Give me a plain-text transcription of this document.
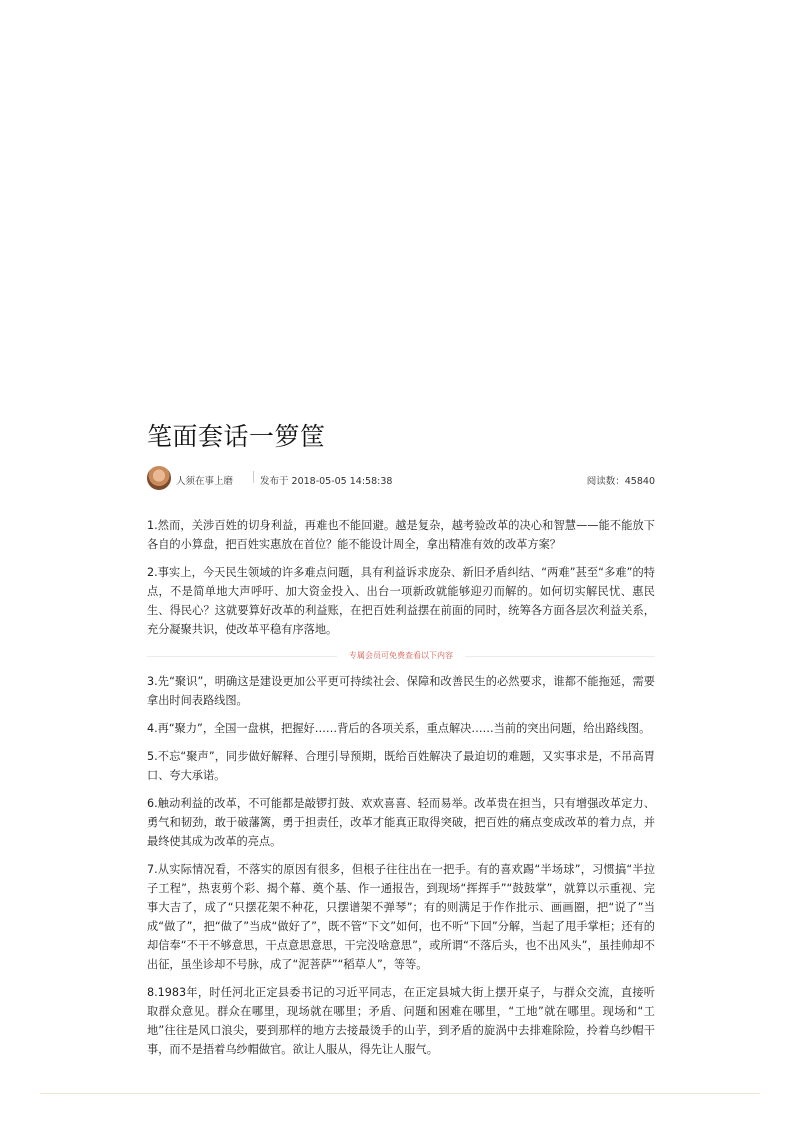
笔面套话一箩筐
人须在事上磨	发布于 2018-05-05 14:58:38	阅读数：45840

1.然而，关涉百姓的切身利益，再难也不能回避。越是复杂，越考验改革的决心和智慧——能不能放下各自的小算盘，把百姓实惠放在首位？能不能设计周全，拿出精准有效的改革方案？

2.事实上，今天民生领域的许多难点问题，具有利益诉求庞杂、新旧矛盾纠结、“两难”甚至“多难”的特点，不是简单地大声呼吁、加大资金投入、出台一项新政就能够迎刃而解的。如何切实解民忧、惠民生、得民心？这就要算好改革的利益账，在把百姓利益摆在前面的同时，统筹各方面各层次利益关系，充分凝聚共识，使改革平稳有序落地。

专属会员可免费查看以下内容

3.先“聚识”，明确这是建设更加公平更可持续社会、保障和改善民生的必然要求，谁都不能拖延，需要拿出时间表路线图。

4.再“聚力”，全国一盘棋，把握好……背后的各项关系，重点解决……当前的突出问题，给出路线图。

5.不忘“聚声”，同步做好解释、合理引导预期，既给百姓解决了最迫切的难题，又实事求是，不吊高胃口、夸大承诺。

6.触动利益的改革，不可能都是敲锣打鼓、欢欢喜喜、轻而易举。改革贵在担当，只有增强改革定力、勇气和韧劲，敢于破藩篱，勇于担责任，改革才能真正取得突破，把百姓的痛点变成改革的着力点，并最终使其成为改革的亮点。

7.从实际情况看，不落实的原因有很多，但根子往往出在一把手。有的喜欢踢“半场球”，习惯搞“半拉子工程”，热衷剪个彩、揭个幕、奠个基、作一通报告，到现场“挥挥手”“鼓鼓掌”，就算以示重视、完事大吉了，成了“只摆花架不种花，只摆谱架不弹琴”；有的则满足于作作批示、画画圈，把“说了”当成“做了”，把“做了”当成“做好了”，既不管“下文”如何，也不听“下回”分解，当起了甩手掌柜；还有的却信奉“不干不够意思，干点意思意思，干完没啥意思”，或所谓“不落后头，也不出风头”，虽挂帅却不出征，虽坐诊却不号脉，成了“泥菩萨”“稻草人”，等等。

8.1983年，时任河北正定县委书记的习近平同志，在正定县城大街上摆开桌子，与群众交流，直接听取群众意见。群众在哪里，现场就在哪里；矛盾、问题和困难在哪里，“工地”就在哪里。现场和“工地”往往是风口浪尖，要到那样的地方去接最烫手的山芋，到矛盾的旋涡中去排难除险，拎着乌纱帽干事，而不是捂着乌纱帽做官。欲让人服从，得先让人服气。
